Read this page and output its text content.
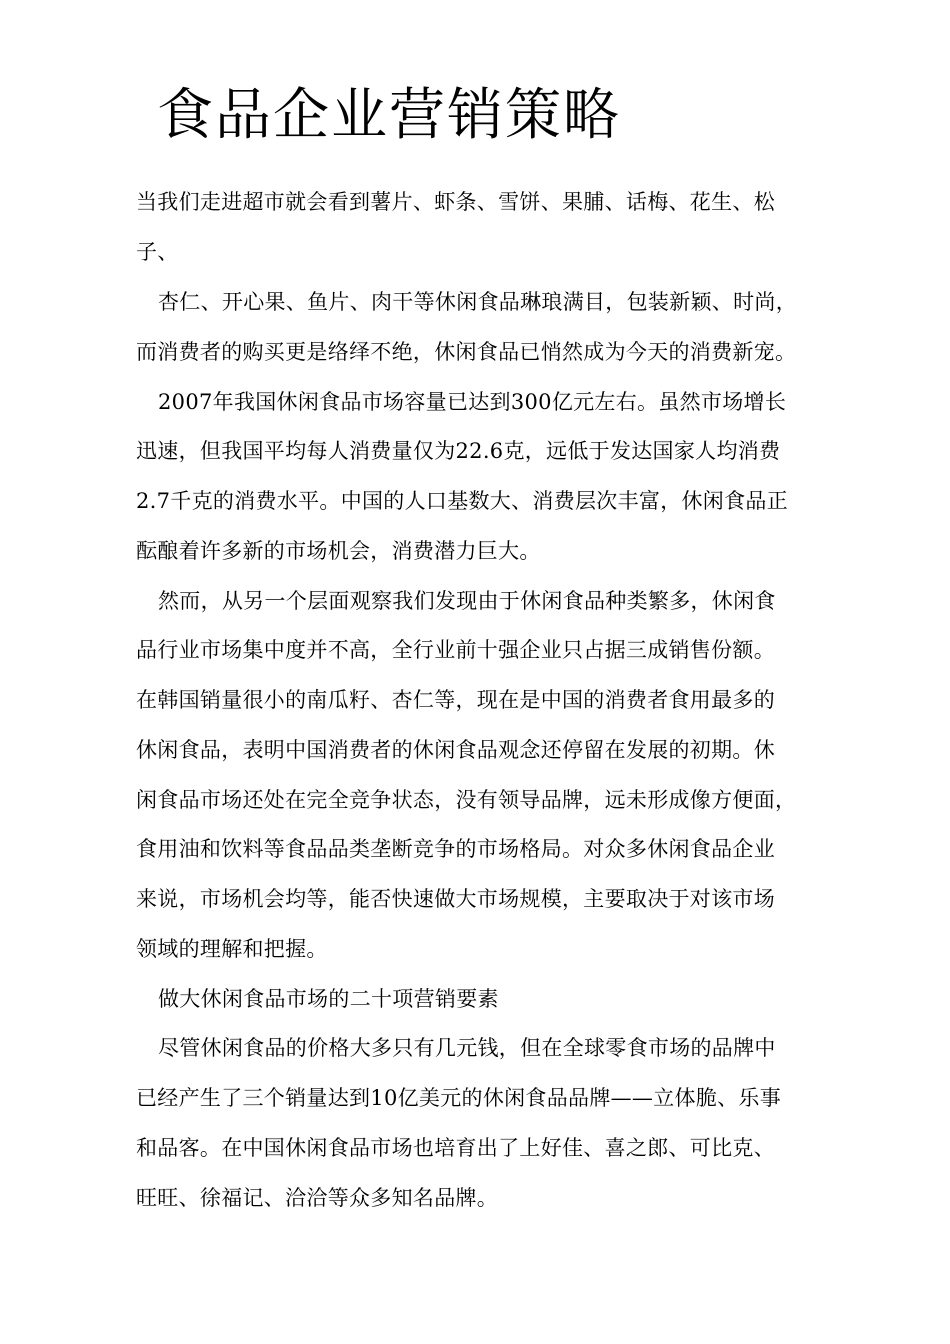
食品企业营销策略

当我们走进超市就会看到薯片、虾条、雪饼、果脯、话梅、花生、松

子、

杏仁、开心果、鱼片、肉干等休闲食品琳琅满目，包装新颖、时尚，

而消费者的购买更是络绎不绝，休闲食品已悄然成为今天的消费新宠。

2007年我国休闲食品市场容量已达到300亿元左右。虽然市场增长

迅速，但我国平均每人消费量仅为22.6克，远低于发达国家人均消费

2.7千克的消费水平。中国的人口基数大、消费层次丰富，休闲食品正

酝酿着许多新的市场机会，消费潜力巨大。

然而，从另一个层面观察我们发现由于休闲食品种类繁多，休闲食

品行业市场集中度并不高，全行业前十强企业只占据三成销售份额。

在韩国销量很小的南瓜籽、杏仁等，现在是中国的消费者食用最多的

休闲食品，表明中国消费者的休闲食品观念还停留在发展的初期。休

闲食品市场还处在完全竞争状态，没有领导品牌，远未形成像方便面，

食用油和饮料等食品品类垄断竞争的市场格局。对众多休闲食品企业

来说，市场机会均等，能否快速做大市场规模，主要取决于对该市场

领域的理解和把握。

做大休闲食品市场的二十项营销要素

尽管休闲食品的价格大多只有几元钱，但在全球零食市场的品牌中

已经产生了三个销量达到10亿美元的休闲食品品牌——立体脆、乐事

和品客。在中国休闲食品市场也培育出了上好佳、喜之郎、可比克、

旺旺、徐福记、洽洽等众多知名品牌。
